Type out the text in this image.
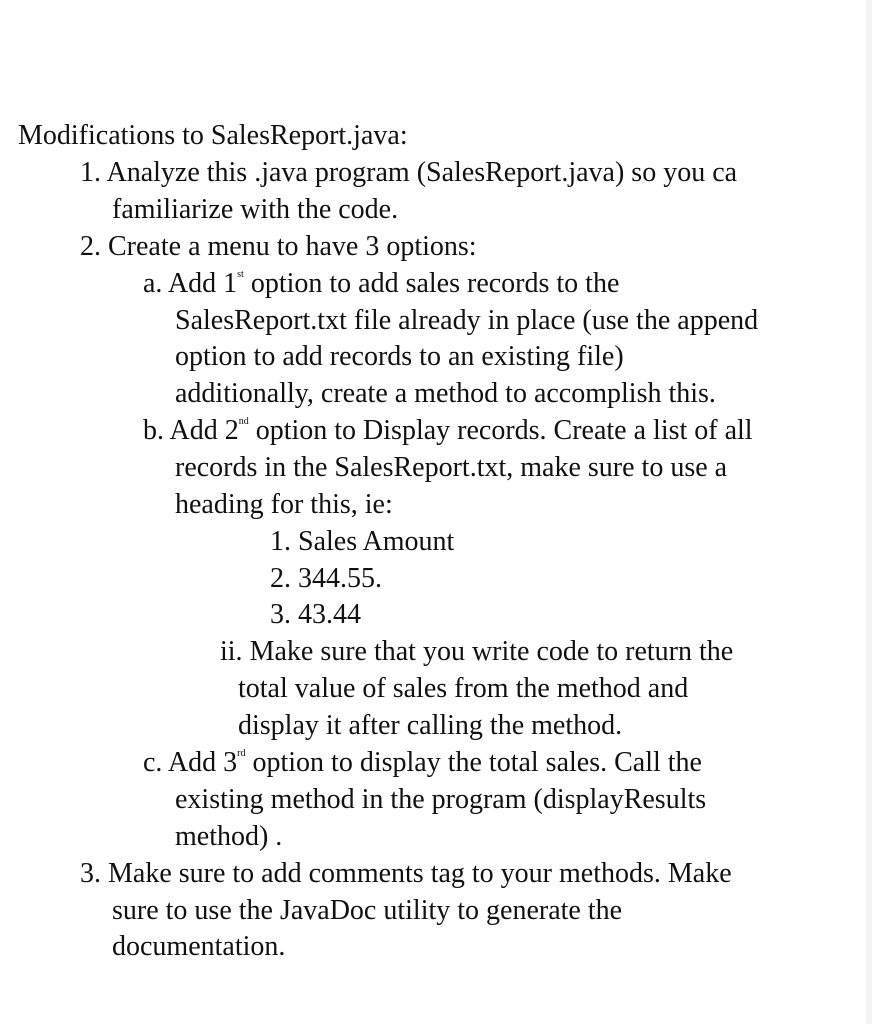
Modifications to SalesReport.java:
1. Analyze this .java program (SalesReport.java) so you ca
familiarize with the code.
2. Create a menu to have 3 options:
a. Add 1st option to add sales records to the
SalesReport.txt file already in place (use the append
option to add records to an existing file)
additionally, create a method to accomplish this.
b. Add 2nd option to Display records. Create a list of all
records in the SalesReport.txt, make sure to use a
heading for this, ie:
1. Sales Amount
2. 344.55.
3. 43.44
ii. Make sure that you write code to return the
total value of sales from the method and
display it after calling the method.
c. Add 3rd option to display the total sales. Call the
existing method in the program (displayResults
method) .
3. Make sure to add comments tag to your methods. Make
sure to use the JavaDoc utility to generate the
documentation.
